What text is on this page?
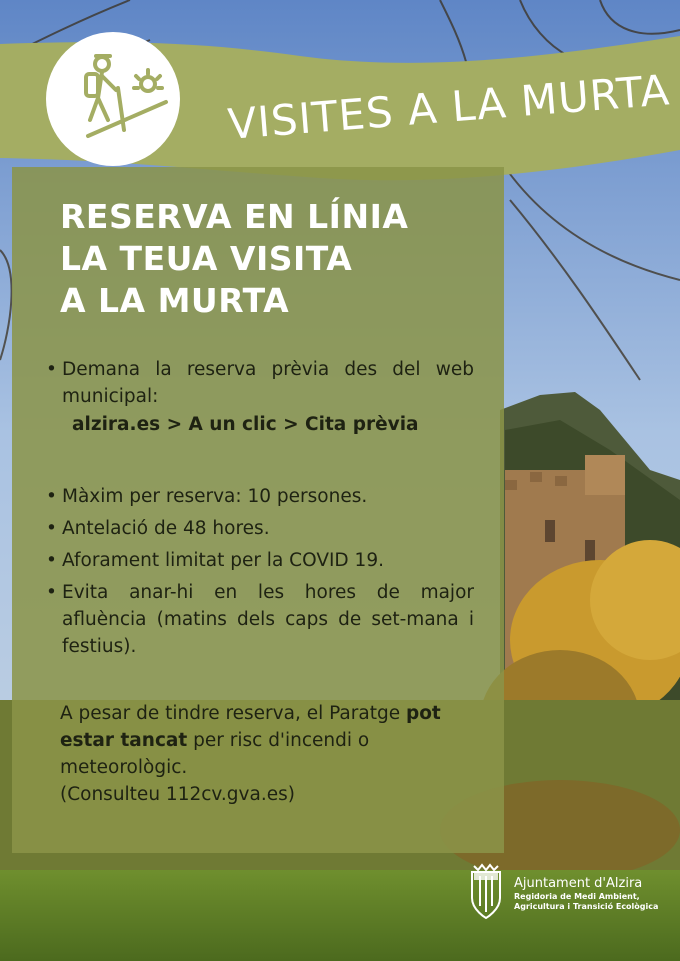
VISITES A LA MURTA
RESERVA EN LÍNIA
LA TEUA VISITA
A LA MURTA
• Demana la reserva prèvia des del web municipal:
alzira.es > A un clic > Cita prèvia
• Màxim per reserva: 10 persones.
• Antelació de 48 hores.
• Aforament limitat per la COVID 19.
• Evita anar-hi en les hores de major afluència (matins dels caps de set-mana i festius).
A pesar de tindre reserva, el Paratge pot estar tancat per risc d'incendi o meteorològic.
(Consulteu 112cv.gva.es)
Ajuntament d'Alzira
Regidoria de Medi Ambient,
Agricultura i Transició Ecològica
